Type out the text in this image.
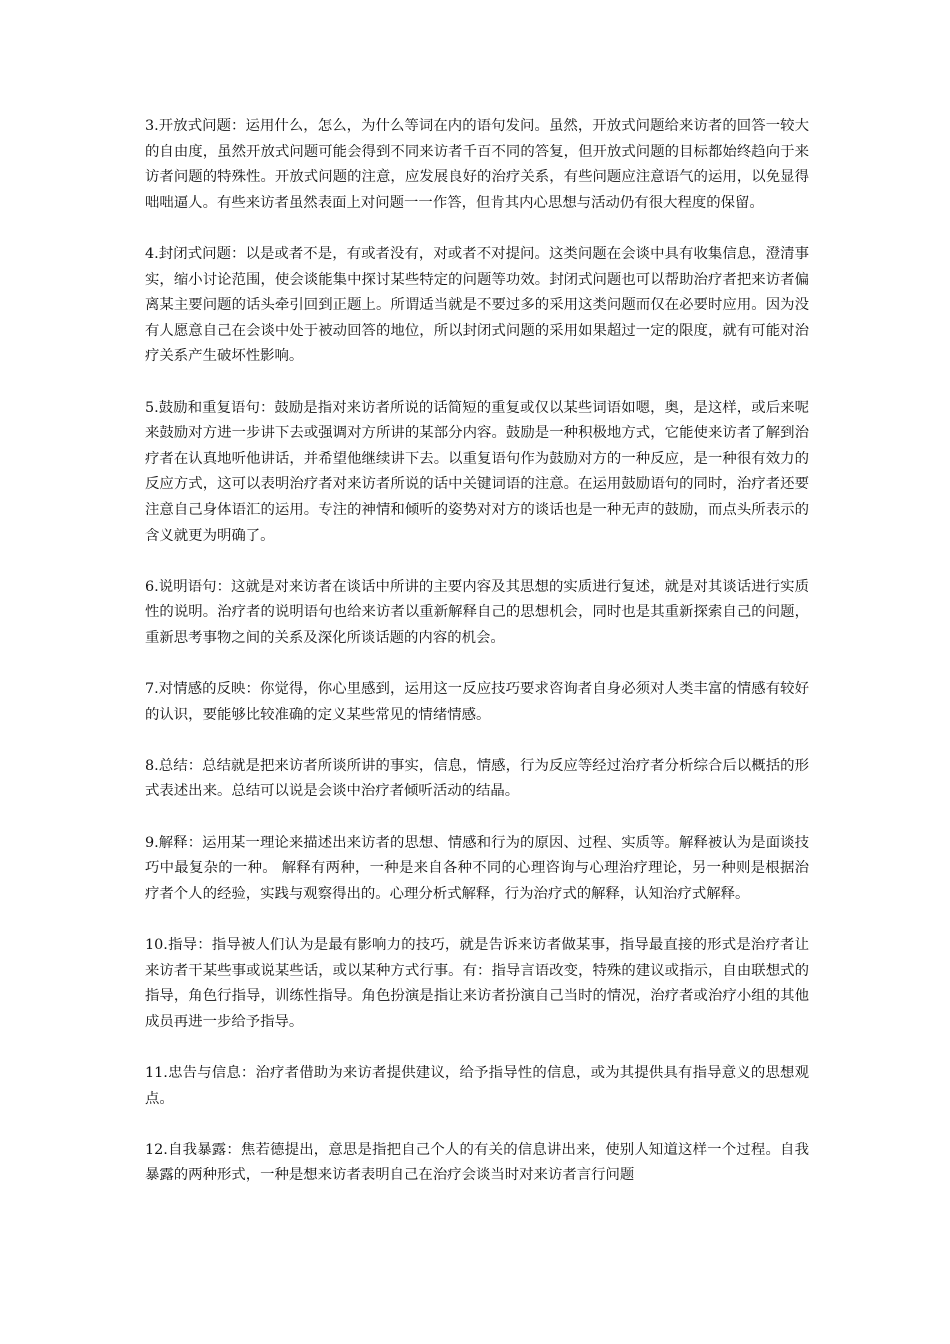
3.开放式问题：运用什么，怎么，为什么等词在内的语句发问。虽然，开放式问题给来访者的回答一较大的自由度，虽然开放式问题可能会得到不同来访者千百不同的答复，但开放式问题的目标都始终趋向于来访者问题的特殊性。开放式问题的注意，应发展良好的治疗关系，有些问题应注意语气的运用，以免显得咄咄逼人。有些来访者虽然表面上对问题一一作答，但肯其内心思想与活动仍有很大程度的保留。

4.封闭式问题：以是或者不是，有或者没有，对或者不对提问。这类问题在会谈中具有收集信息，澄清事实，缩小讨论范围，使会谈能集中探讨某些特定的问题等功效。封闭式问题也可以帮助治疗者把来访者偏离某主要问题的话头牵引回到正题上。所谓适当就是不要过多的采用这类问题而仅在必要时应用。因为没有人愿意自己在会谈中处于被动回答的地位，所以封闭式问题的采用如果超过一定的限度，就有可能对治疗关系产生破坏性影响。

5.鼓励和重复语句：鼓励是指对来访者所说的话简短的重复或仅以某些词语如嗯，奥，是这样，或后来呢来鼓励对方进一步讲下去或强调对方所讲的某部分内容。鼓励是一种积极地方式，它能使来访者了解到治疗者在认真地听他讲话，并希望他继续讲下去。以重复语句作为鼓励对方的一种反应，是一种很有效力的反应方式，这可以表明治疗者对来访者所说的话中关键词语的注意。在运用鼓励语句的同时，治疗者还要注意自己身体语汇的运用。专注的神情和倾听的姿势对对方的谈话也是一种无声的鼓励，而点头所表示的含义就更为明确了。

6.说明语句：这就是对来访者在谈话中所讲的主要内容及其思想的实质进行复述，就是对其谈话进行实质性的说明。治疗者的说明语句也给来访者以重新解释自己的思想机会，同时也是其重新探索自己的问题，重新思考事物之间的关系及深化所谈话题的内容的机会。

7.对情感的反映：你觉得，你心里感到，运用这一反应技巧要求咨询者自身必须对人类丰富的情感有较好的认识，要能够比较准确的定义某些常见的情绪情感。

8.总结：总结就是把来访者所谈所讲的事实，信息，情感，行为反应等经过治疗者分析综合后以概括的形式表述出来。总结可以说是会谈中治疗者倾听活动的结晶。

9.解释：运用某一理论来描述出来访者的思想、情感和行为的原因、过程、实质等。解释被认为是面谈技巧中最复杂的一种。 解释有两种，一种是来自各种不同的心理咨询与心理治疗理论，另一种则是根据治疗者个人的经验，实践与观察得出的。心理分析式解释，行为治疗式的解释，认知治疗式解释。

10.指导：指导被人们认为是最有影响力的技巧，就是告诉来访者做某事，指导最直接的形式是治疗者让来访者干某些事或说某些话，或以某种方式行事。有：指导言语改变，特殊的建议或指示，自由联想式的指导，角色行指导，训练性指导。角色扮演是指让来访者扮演自己当时的情况，治疗者或治疗小组的其他成员再进一步给予指导。

11.忠告与信息：治疗者借助为来访者提供建议，给予指导性的信息，或为其提供具有指导意义的思想观点。

12.自我暴露：焦若德提出，意思是指把自己个人的有关的信息讲出来，使别人知道这样一个过程。自我暴露的两种形式，一种是想来访者表明自己在治疗会谈当时对来访者言行问题
